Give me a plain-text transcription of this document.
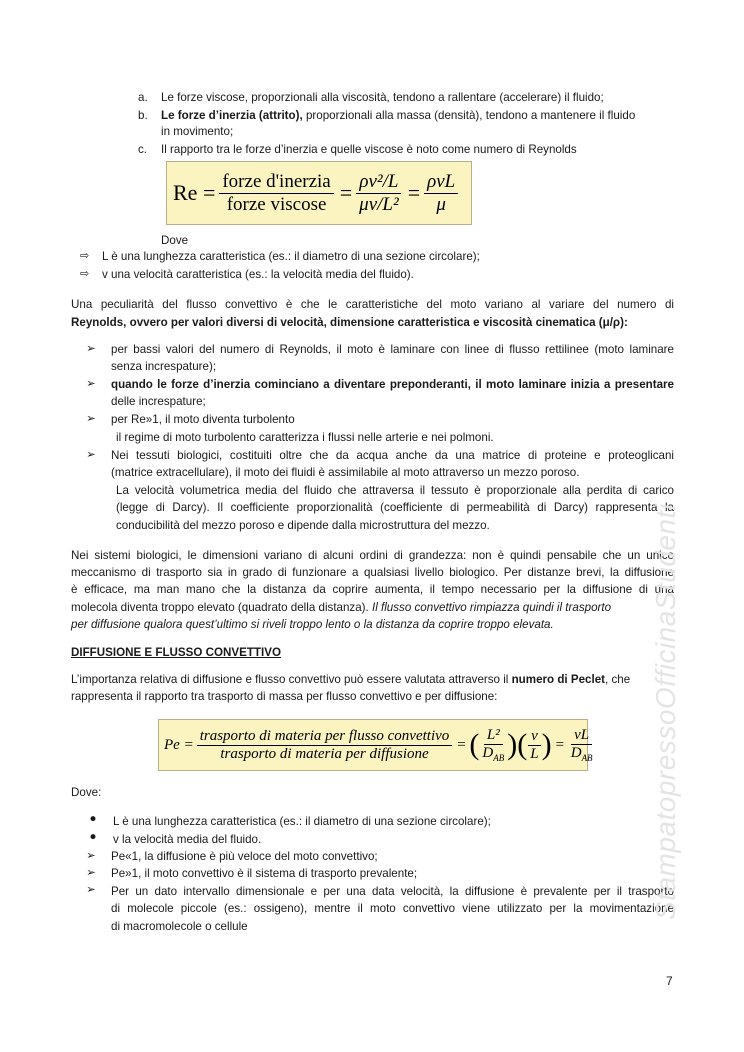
a. Le forze viscose, proporzionali alla viscosità, tendono a rallentare (accelerare) il fluido;
b. Le forze d’inerzia (attrito), proporzionali alla massa (densità), tendono a mantenere il fluido
in movimento;
c. Il rapporto tra le forze d’inerzia e quelle viscose è noto come numero di Reynolds
$Re = \frac{\text{forze d'inerzia}}{\text{forze viscose}} = \frac{\text{ρv²/L}}{\text{μv/L²}} = \frac{\text{ρvL}}{\mu}$
Dove
⇨ L è una lunghezza caratteristica (es.: il diametro di una sezione circolare);
⇨ v una velocità caratteristica (es.: la velocità media del fluido).
Una peculiarità del flusso convettivo è che le caratteristiche del moto variano al variare del numero di
Reynolds, ovvero per valori diversi di velocità, dimensione caratteristica e viscosità cinematica (μ/ρ):
➢ per bassi valori del numero di Reynolds, il moto è laminare con linee di flusso rettilinee (moto laminare
senza increspature);
➢ quando le forze d’inerzia cominciano a diventare preponderanti, il moto laminare inizia a presentare
delle increspature;
➢ per Re»1, il moto diventa turbolento
il regime di moto turbolento caratterizza i flussi nelle arterie e nei polmoni.
➢ Nei tessuti biologici, costituiti oltre che da acqua anche da una matrice di proteine e proteoglicani
(matrice extracellulare), il moto dei fluidi è assimilabile al moto attraverso un mezzo poroso.
La velocità volumetrica media del fluido che attraversa il tessuto è proporzionale alla perdita di carico
(legge di Darcy). Il coefficiente proporzionalità (coefficiente di permeabilità di Darcy) rappresenta la
conducibilità del mezzo poroso e dipende dalla microstruttura del mezzo.
Nei sistemi biologici, le dimensioni variano di alcuni ordini di grandezza: non è quindi pensabile che un unico
meccanismo di trasporto sia in grado di funzionare a qualsiasi livello biologico. Per distanze brevi, la diffusione
è efficace, ma man mano che la distanza da coprire aumenta, il tempo necessario per la diffusione di una
molecola diventa troppo elevato (quadrato della distanza). Il flusso convettivo rimpiazza quindi il trasporto
per diffusione qualora quest’ultimo si riveli troppo lento o la distanza da coprire troppo elevata.
DIFFUSIONE E FLUSSO CONVETTIVO
L’importanza relativa di diffusione e flusso convettivo può essere valutata attraverso il numero di Peclet, che
rappresenta il rapporto tra trasporto di massa per flusso convettivo e per diffusione:
$Pe = \frac{\text{trasporto di materia per flusso convettivo}}{\text{trasporto di materia per diffusione}}$ = ( $\frac{\text{L²}}{D_{AB}}$ ) ( $\frac{v}{L}$ ) = $\frac{vL}{D_{AB}}$
Dove:
●	L è una lunghezza caratteristica (es.: il diametro di una sezione circolare);
●	v la velocità media del fluido.
➢ Pe«1, la diffusione è più veloce del moto convettivo;
➢ Pe»1, il moto convettivo è il sistema di trasporto prevalente;
➢ Per un dato intervallo dimensionale e per una data velocità, la diffusione è prevalente per il trasporto
di molecole piccole (es.: ossigeno), mentre il moto convettivo viene utilizzato per la movimentazione
di macromolecole o cellule
StampatopressoOfficinaStudenti
7
